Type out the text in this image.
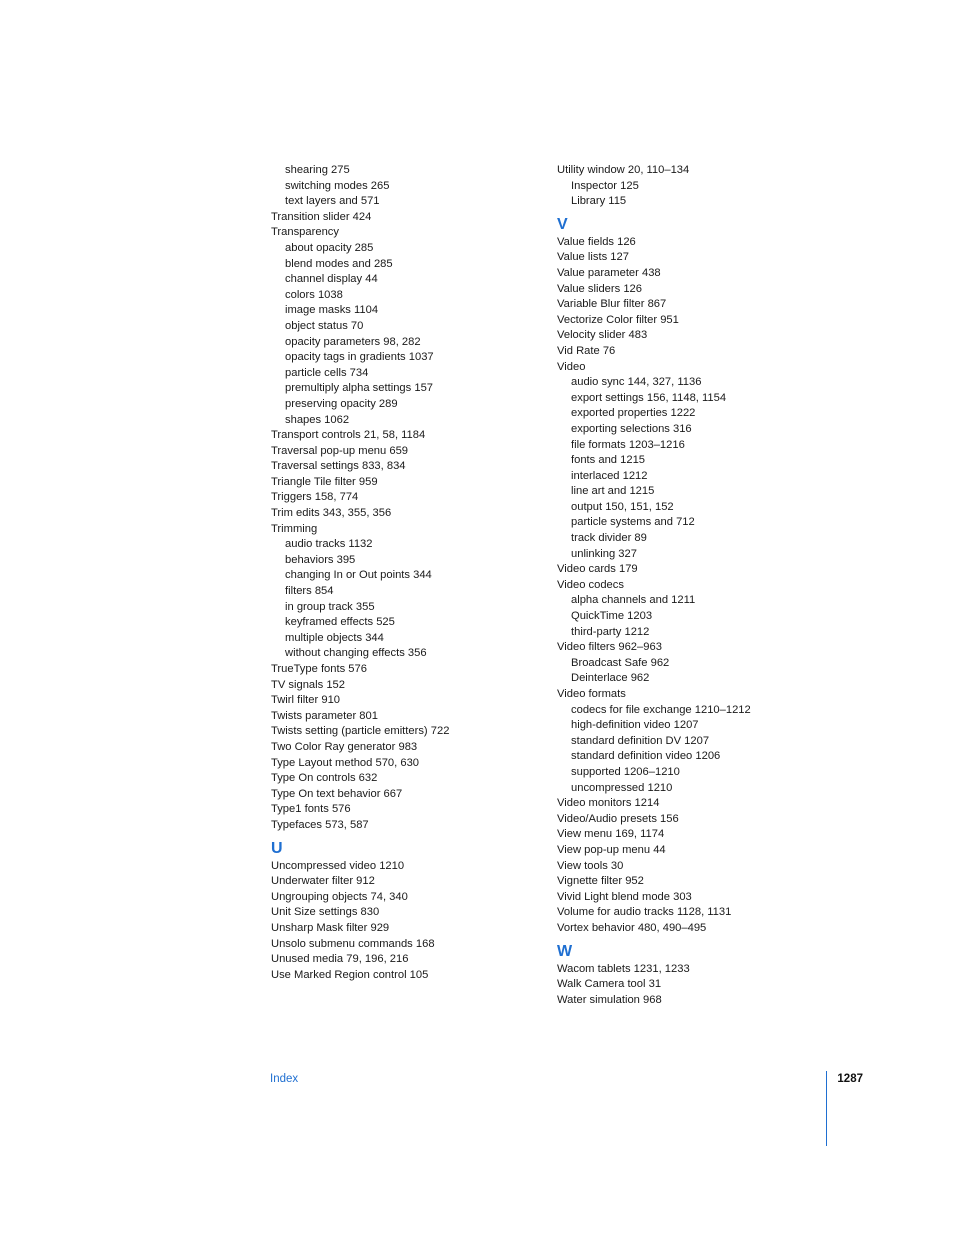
shearing 275
switching modes 265
text layers and 571
Transition slider 424
Transparency
about opacity 285
blend modes and 285
channel display 44
colors 1038
image masks 1104
object status 70
opacity parameters 98, 282
opacity tags in gradients 1037
particle cells 734
premultiply alpha settings 157
preserving opacity 289
shapes 1062
Transport controls 21, 58, 1184
Traversal pop-up menu 659
Traversal settings 833, 834
Triangle Tile filter 959
Triggers 158, 774
Trim edits 343, 355, 356
Trimming
audio tracks 1132
behaviors 395
changing In or Out points 344
filters 854
in group track 355
keyframed effects 525
multiple objects 344
without changing effects 356
TrueType fonts 576
TV signals 152
Twirl filter 910
Twists parameter 801
Twists setting (particle emitters) 722
Two Color Ray generator 983
Type Layout method 570, 630
Type On controls 632
Type On text behavior 667
Type1 fonts 576
Typefaces 573, 587
U
Uncompressed video 1210
Underwater filter 912
Ungrouping objects 74, 340
Unit Size settings 830
Unsharp Mask filter 929
Unsolo submenu commands 168
Unused media 79, 196, 216
Use Marked Region control 105
Utility window 20, 110–134
Inspector 125
Library 115
V
Value fields 126
Value lists 127
Value parameter 438
Value sliders 126
Variable Blur filter 867
Vectorize Color filter 951
Velocity slider 483
Vid Rate 76
Video
audio sync 144, 327, 1136
export settings 156, 1148, 1154
exported properties 1222
exporting selections 316
file formats 1203–1216
fonts and 1215
interlaced 1212
line art and 1215
output 150, 151, 152
particle systems and 712
track divider 89
unlinking 327
Video cards 179
Video codecs
alpha channels and 1211
QuickTime 1203
third-party 1212
Video filters 962–963
Broadcast Safe 962
Deinterlace 962
Video formats
codecs for file exchange 1210–1212
high-definition video 1207
standard definition DV 1207
standard definition video 1206
supported 1206–1210
uncompressed 1210
Video monitors 1214
Video/Audio presets 156
View menu 169, 1174
View pop-up menu 44
View tools 30
Vignette filter 952
Vivid Light blend mode 303
Volume for audio tracks 1128, 1131
Vortex behavior 480, 490–495
W
Wacom tablets 1231, 1233
Walk Camera tool 31
Water simulation 968
Index	1287
